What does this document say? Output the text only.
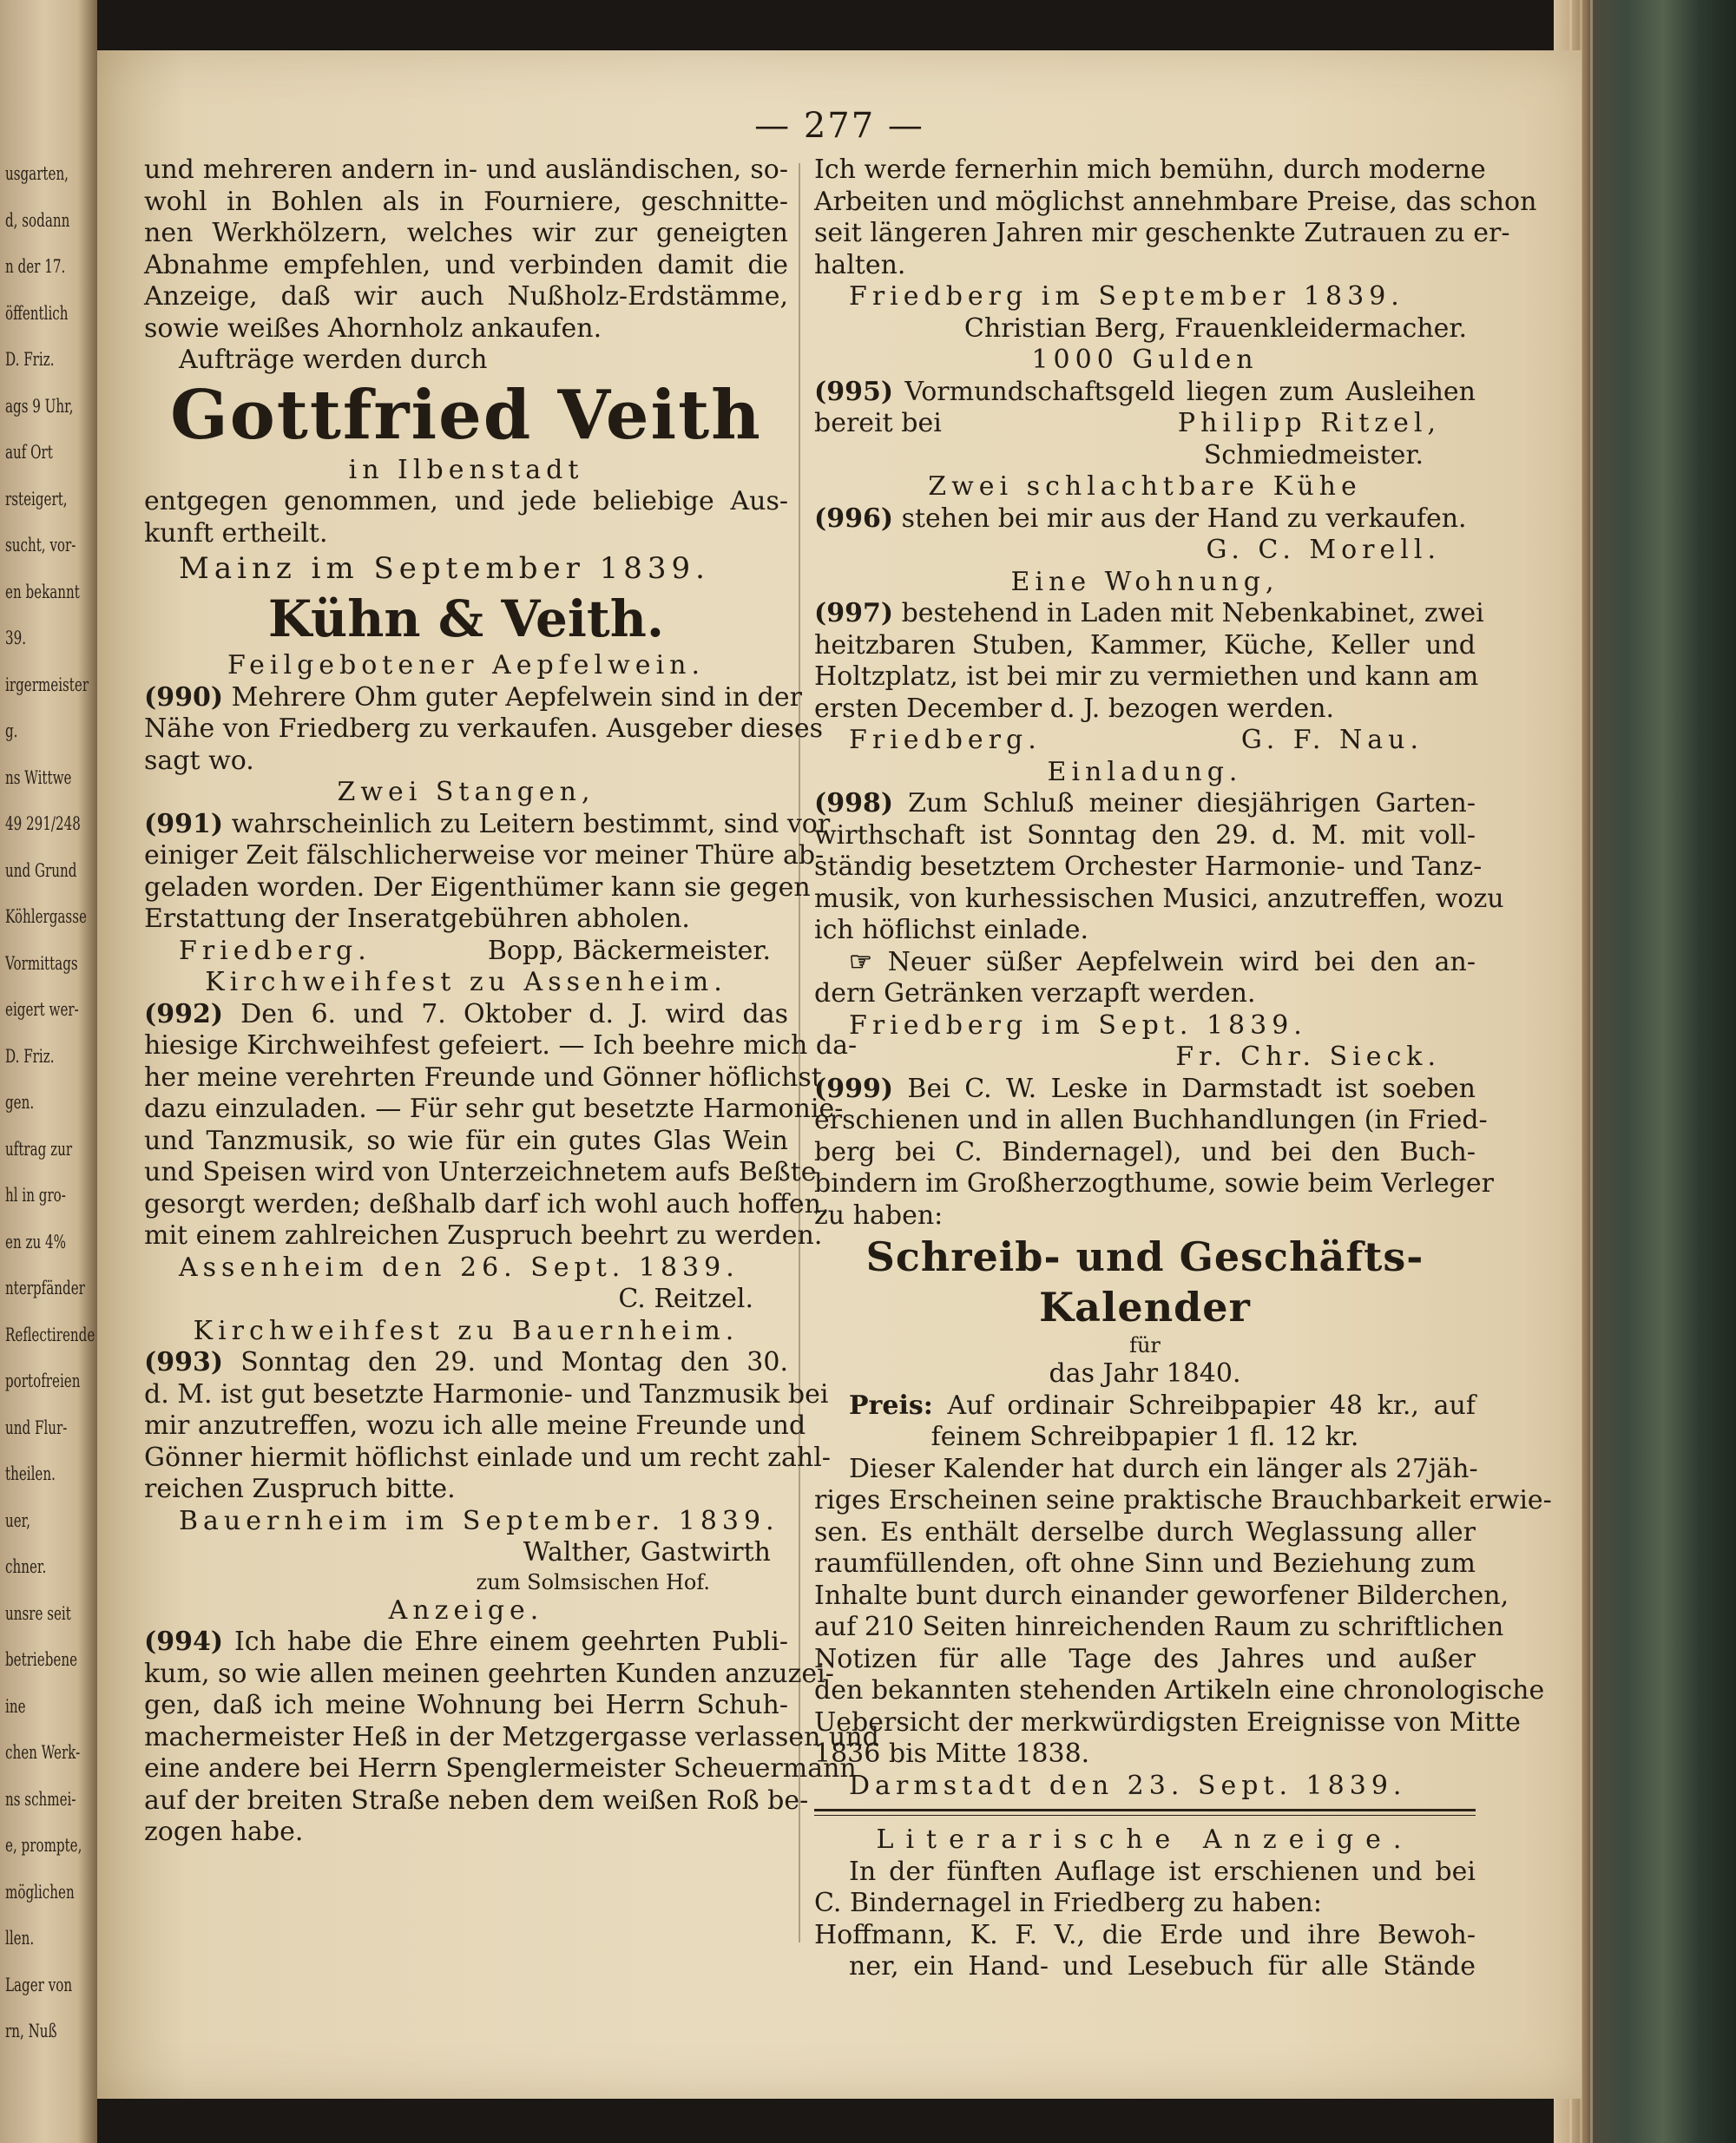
usgarten,
d, sodann
n der 17.
öffentlich
D. Friz.
ags 9 Uhr,
auf Ort
rsteigert,
sucht, vor-
en bekannt
39.
irgermeister
g.
ns Wittwe
49 291/248
und Grund
Köhlergasse
Vormittags
eigert wer-
D. Friz.
gen.
uftrag zur
hl in gro-
en zu 4%
nterpfänder
Reflectirende
portofreien
und Flur-
theilen.
uer,
chner.
unsre seit
betriebene
ine
chen Werk-
ns schmei-
e, prompte,
möglichen
llen.
Lager von
rn, Nuß
— 277 —
und mehreren andern in- und ausländischen, so-
wohl in Bohlen als in Fourniere, geschnitte-
nen Werkhölzern, welches wir zur geneigten
Abnahme empfehlen, und verbinden damit die
Anzeige, daß wir auch Nußholz-Erdstämme,
sowie weißes Ahornholz ankaufen.
Aufträge werden durch
Gottfried Veith
in Ilbenstadt
entgegen genommen, und jede beliebige Aus-
kunft ertheilt.
Mainz im September 1839.
Kühn & Veith.
Feilgebotener Aepfelwein.
(990) Mehrere Ohm guter Aepfelwein sind in der
Nähe von Friedberg zu verkaufen. Ausgeber dieses
sagt wo.
Zwei Stangen,
(991) wahrscheinlich zu Leitern bestimmt, sind vor
einiger Zeit fälschlicherweise vor meiner Thüre ab-
geladen worden. Der Eigenthümer kann sie gegen
Erstattung der Inseratgebühren abholen.
Friedberg.	Bopp, Bäckermeister.
Kirchweihfest zu Assenheim.
(992) Den 6. und 7. Oktober d. J. wird das
hiesige Kirchweihfest gefeiert. — Ich beehre mich da-
her meine verehrten Freunde und Gönner höflichst
dazu einzuladen. — Für sehr gut besetzte Harmonie-
und Tanzmusik, so wie für ein gutes Glas Wein
und Speisen wird von Unterzeichnetem aufs Beßte
gesorgt werden; deßhalb darf ich wohl auch hoffen,
mit einem zahlreichen Zuspruch beehrt zu werden.
Assenheim den 26. Sept. 1839.
C. Reitzel.
Kirchweihfest zu Bauernheim.
(993) Sonntag den 29. und Montag den 30.
d. M. ist gut besetzte Harmonie- und Tanzmusik bei
mir anzutreffen, wozu ich alle meine Freunde und
Gönner hiermit höflichst einlade und um recht zahl-
reichen Zuspruch bitte.
Bauernheim im September. 1839.
Walther, Gastwirth
zum Solmsischen Hof.
Anzeige.
(994) Ich habe die Ehre einem geehrten Publi-
kum, so wie allen meinen geehrten Kunden anzuzei-
gen, daß ich meine Wohnung bei Herrn Schuh-
machermeister Heß in der Metzgergasse verlassen und
eine andere bei Herrn Spenglermeister Scheuermann
auf der breiten Straße neben dem weißen Roß be-
zogen habe.
Ich werde fernerhin mich bemühn, durch moderne
Arbeiten und möglichst annehmbare Preise, das schon
seit längeren Jahren mir geschenkte Zutrauen zu er-
halten.
Friedberg im September 1839.
Christian Berg, Frauenkleidermacher.
1000 Gulden
(995) Vormundschaftsgeld liegen zum Ausleihen
bereit bei	Philipp Ritzel,
Schmiedmeister.
Zwei schlachtbare Kühe
(996) stehen bei mir aus der Hand zu verkaufen.
G. C. Morell.
Eine Wohnung,
(997) bestehend in Laden mit Nebenkabinet, zwei
heitzbaren Stuben, Kammer, Küche, Keller und
Holtzplatz, ist bei mir zu vermiethen und kann am
ersten December d. J. bezogen werden.
Friedberg.	G. F. Nau.
Einladung.
(998) Zum Schluß meiner diesjährigen Garten-
wirthschaft ist Sonntag den 29. d. M. mit voll-
ständig besetztem Orchester Harmonie- und Tanz-
musik, von kurhessischen Musici, anzutreffen, wozu
ich höflichst einlade.
☞ Neuer süßer Aepfelwein wird bei den an-
dern Getränken verzapft werden.
Friedberg im Sept. 1839.
Fr. Chr. Sieck.
(999) Bei C. W. Leske in Darmstadt ist soeben
erschienen und in allen Buchhandlungen (in Fried-
berg bei C. Bindernagel), und bei den Buch-
bindern im Großherzogthume, sowie beim Verleger
zu haben:
Schreib- und Geschäfts-Kalender
für
das Jahr 1840.
Preis: Auf ordinair Schreibpapier 48 kr., auf
feinem Schreibpapier 1 fl. 12 kr.
Dieser Kalender hat durch ein länger als 27jäh-
riges Erscheinen seine praktische Brauchbarkeit erwie-
sen. Es enthält derselbe durch Weglassung aller
raumfüllenden, oft ohne Sinn und Beziehung zum
Inhalte bunt durch einander geworfener Bilderchen,
auf 210 Seiten hinreichenden Raum zu schriftlichen
Notizen für alle Tage des Jahres und außer
den bekannten stehenden Artikeln eine chronologische
Uebersicht der merkwürdigsten Ereignisse von Mitte
1836 bis Mitte 1838.
Darmstadt den 23. Sept. 1839.
Literarische Anzeige.
In der fünften Auflage ist erschienen und bei
C. Bindernagel in Friedberg zu haben:
Hoffmann, K. F. V., die Erde und ihre Bewoh-
ner, ein Hand- und Lesebuch für alle Stände
